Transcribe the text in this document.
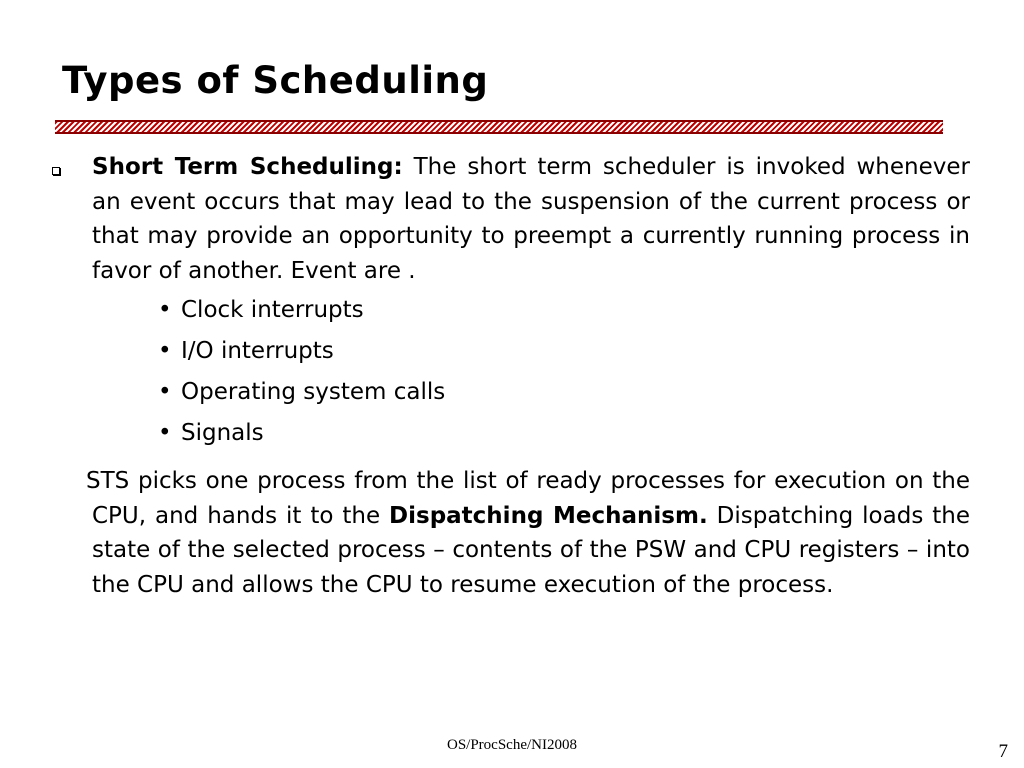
Types of Scheduling
Short Term Scheduling: The short term scheduler is invoked whenever an event occurs that may lead to the suspension of the current process or that may provide an opportunity to preempt a currently running process in favor of another. Event are .
• Clock interrupts
• I/O interrupts
• Operating system calls
• Signals
STS picks one process from the list of ready processes for execution on the CPU, and hands it to the Dispatching Mechanism. Dispatching loads the state of the selected process – contents of the PSW and CPU registers – into the CPU and allows the CPU to resume execution of the process.
OS/ProcSche/NI2008	7
